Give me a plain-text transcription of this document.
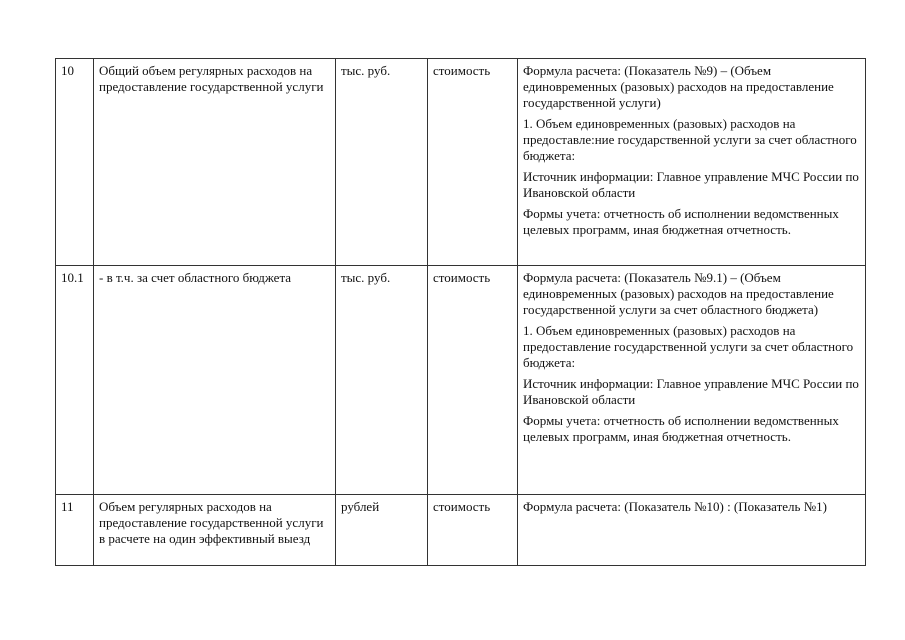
10	Общий объем регулярных расходов на предоставление государственной услуги	тыс. руб.	стоимость	Формула расчета: (Показатель №9) – (Объем единовременных (разовых) расходов на предоставление государственной услуги)

1. Объем единовременных (разовых) расходов на предоставле:ние государственной услуги за счет областного бюджета:

Источник информации: Главное управление МЧС России по Ивановской области

Формы учета: отчетность об исполнении ведомственных целевых программ, иная бюджетная отчетность.

10.1	- в т.ч. за счет областного бюджета	тыс. руб.	стоимость	Формула расчета: (Показатель №9.1) – (Объем единовременных (разовых) расходов на предоставление государственной услуги за счет областного бюджета)

1. Объем единовременных (разовых) расходов на предоставление государственной услуги за счет областного бюджета:

Источник информации: Главное управление МЧС России по Ивановской области

Формы учета: отчетность об исполнении ведомственных целевых программ, иная бюджетная отчетность.

11	Объем регулярных расходов на предоставление государственной услуги в расчете на один эффективный выезд	рублей	стоимость	Формула расчета: (Показатель №10) : (Показатель №1)
